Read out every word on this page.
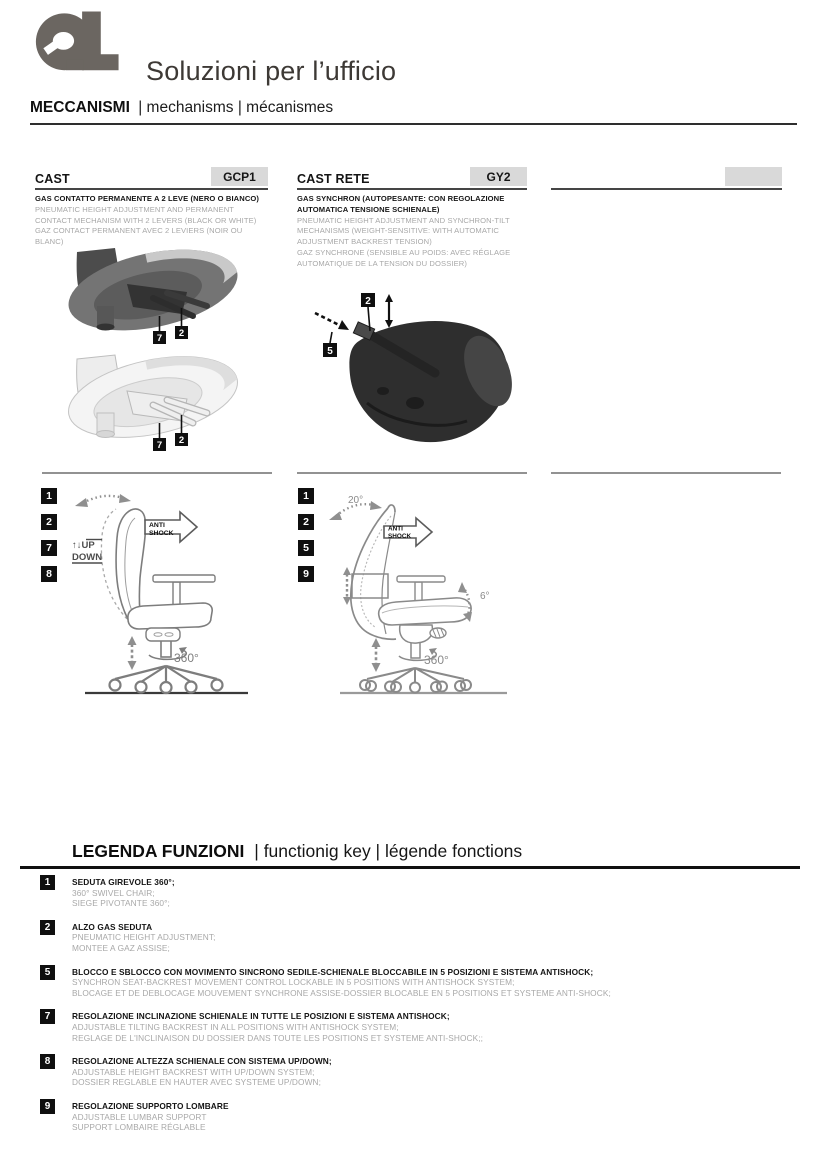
Soluzioni per l’ufficio
MECCANISMI | mechanisms | mécanismes
CAST	GCP1
GAS CONTATTO PERMANENTE A 2 LEVE (NERO O BIANCO)
PNEUMATIC HEIGHT ADJUSTMENT AND PERMANENT CONTACT MECHANISM WITH 2 LEVERS (BLACK OR WHITE)
GAZ CONTACT PERMANENT AVEC 2 LEVIERS (NOIR OU BLANC)
CAST RETE	GY2
GAS SYNCHRON (AUTOPESANTE: CON REGOLAZIONE AUTOMATICA TENSIONE SCHIENALE)
PNEUMATIC HEIGHT ADJUSTMENT AND SYNCHRON-TILT MECHANISMS (WEIGHT-SENSITIVE: WITH AUTOMATIC ADJUSTMENT BACKREST TENSION)
GAZ SYNCHRONE (SENSIBLE AU POIDS: AVEC RÉGLAGE AUTOMATIQUE DE LA TENSION DU DOSSIER)
7 2
7 2
2
5
1
2
7
8
ANTI
SHOCK
↑↓UP
DOWN
360°
1
2
5
9
20°
ANTI
SHOCK
6°
360°
LEGENDA FUNZIONI | functionig key | légende fonctions
1	SEDUTA GIREVOLE 360°;
360° SWIVEL CHAIR;
SIEGE PIVOTANTE 360°;
2	ALZO GAS SEDUTA
PNEUMATIC HEIGHT ADJUSTMENT;
MONTEE A GAZ ASSISE;
5	BLOCCO E SBLOCCO CON MOVIMENTO SINCRONO SEDILE-SCHIENALE BLOCCABILE IN 5 POSIZIONI E SISTEMA ANTISHOCK;
SYNCHRON SEAT-BACKREST MOVEMENT CONTROL LOCKABLE IN 5 POSITIONS WITH ANTISHOCK SYSTEM;
BLOCAGE ET DE DEBLOCAGE MOUVEMENT SYNCHRONE ASSISE-DOSSIER BLOCABLE EN 5 POSITIONS ET SYSTEME ANTI-SHOCK;
7	REGOLAZIONE INCLINAZIONE SCHIENALE IN TUTTE LE POSIZIONI E SISTEMA ANTISHOCK;
ADJUSTABLE TILTING BACKREST IN ALL POSITIONS WITH ANTISHOCK SYSTEM;
REGLAGE DE L'INCLINAISON DU DOSSIER DANS TOUTE LES POSITIONS ET SYSTEME ANTI-SHOCK;;
8	REGOLAZIONE ALTEZZA SCHIENALE CON SISTEMA UP/DOWN;
ADJUSTABLE HEIGHT BACKREST WITH UP/DOWN SYSTEM;
DOSSIER REGLABLE EN HAUTER AVEC SYSTEME UP/DOWN;
9	REGOLAZIONE SUPPORTO LOMBARE
ADJUSTABLE LUMBAR SUPPORT
SUPPORT LOMBAIRE RÉGLABLE
